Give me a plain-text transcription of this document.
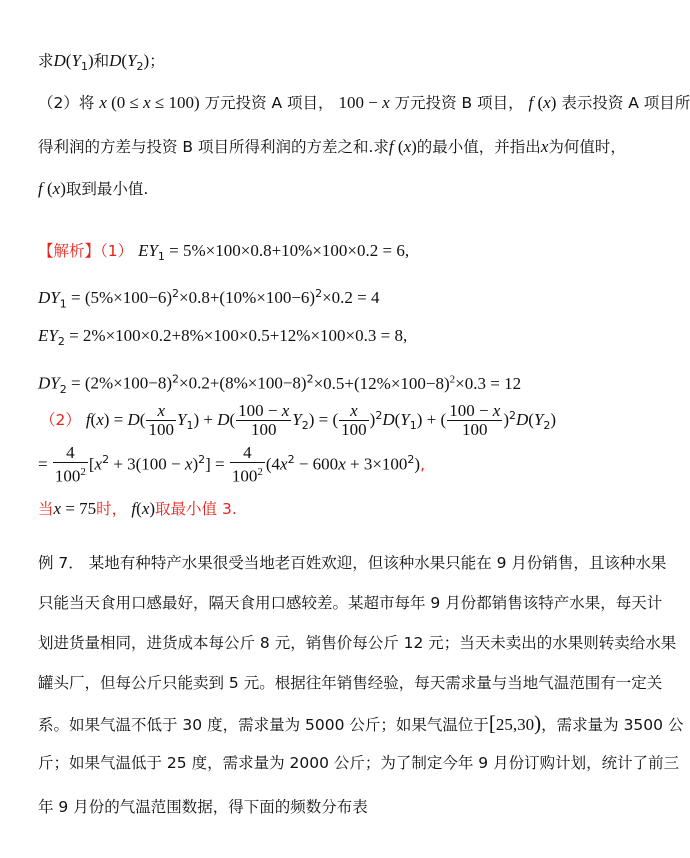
求$D(Y_1)$和$D(Y_2)$；
（2）将 x (0 ≤ x ≤ 100) 万元投资 A 项目， 100 − x 万元投资 B 项目， f (x) 表示投资 A 项目所
得利润的方差与投资 B 项目所得利润的方差之和.求f (x)的最小值，并指出x为何值时，
f (x)取到最小值.
【解析】（1） $EY_1 = 5\%\times 100\times 0.8+10\%\times 100\times 0.2 = 6$,
$DY_1 = (5\%\times 100-6)^2\times 0.8+(10\%\times 100-6)^2\times 0.2 = 4$
$EY_2 = 2\%\times 100\times 0.2+8\%\times 100\times 0.5+12\%\times 100\times 0.3 = 8$,
$DY_2 = (2\%\times 100-8)^2\times 0.2+(8\%\times 100-8)^2\times 0.5+(12\%\times 100-8)^2\times 0.3 = 12$
（2） $f(x) = D( \frac{x}{100} Y_1) + D( \frac{100 - x}{100} Y_2)$ = ( $\frac{x}{100} )^2D(Y_1)$ + ( $\frac{100 - x}{100} )^2D(Y_2)$
= $\frac{4}{100^2} [x^2 + 3(100 - x)^2] = \frac{4}{100^2} (4x^2 - 600x + 3\times 100^2)$,
当x = 75时， f(x)取最小值 3.
例 7． 某地有种特产水果很受当地老百姓欢迎，但该种水果只能在 9 月份销售，且该种水果
只能当天食用口感最好，隔天食用口感较差。某超市每年 9 月份都销售该特产水果，每天计
划进货量相同，进货成本每公斤 8 元，销售价每公斤 12 元；当天未卖出的水果则转卖给水果
罐头厂，但每公斤只能卖到 5 元。根据往年销售经验，每天需求量与当地气温范围有一定关
系。如果气温不低于 30 度，需求量为 5000 公斤；如果气温位于[25,30)，需求量为 3500 公
斤；如果气温低于 25 度，需求量为 2000 公斤；为了制定今年 9 月份订购计划，统计了前三
年 9 月份的气温范围数据，得下面的频数分布表
